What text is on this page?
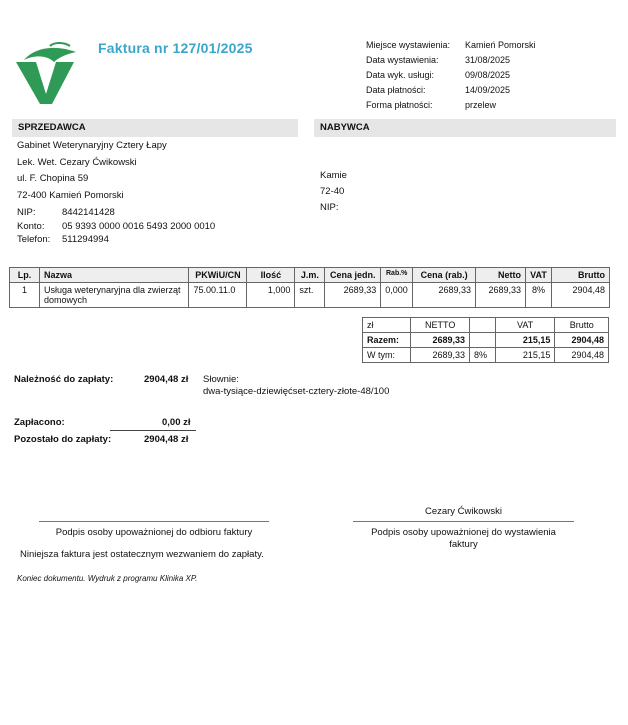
Faktura nr 127/01/2025	Miejsce wystawienia: Kamień Pomorski
Data wystawienia:	31/08/2025
Data wyk. usługi:	09/08/2025
Data płatności:	14/09/2025
Forma płatności:	przelew
SPRZEDAWCA
Gabinet Weterynaryjny Cztery Łapy
Lek. Wet. Cezary Ćwikowski
ul. F. Chopina 59
72-400 Kamień Pomorski
NIP:	8442141428
Konto: 05 9393 0000 0016 5493 2000 0010
Telefon: 511294994
NABYWCA
Kamie
72-40
NIP:
Lp.	Nazwa	PKWiU/CN	Ilość	J.m.	Cena jedn.	Rab.%	Cena (rab.)	Netto	VAT	Brutto
1	Usługa weterynaryjna dla zwierząt domowych	75.00.11.0	1,000	szt.	2689,33	0,000	2689,33	2689,33	8%	2904,48
zł	NETTO		VAT	Brutto
Razem:	2689,33		215,15	2904,48
W tym:	2689,33	8%	215,15	2904,48
Należność do zapłaty:	2904,48 zł Słownie:
dwa-tysiące-dziewięćset-cztery-złote-48/100
Zapłacono:	0,00 zł
Pozostało do zapłaty:	2904,48 zł
Cezary Ćwikowski
Podpis osoby upoważnionej do odbioru faktury	Podpis osoby upoważnionej do wystawienia faktury
Niniejsza faktura jest ostatecznym wezwaniem do zapłaty.
Koniec dokumentu. Wydruk z programu Klinika XP.
